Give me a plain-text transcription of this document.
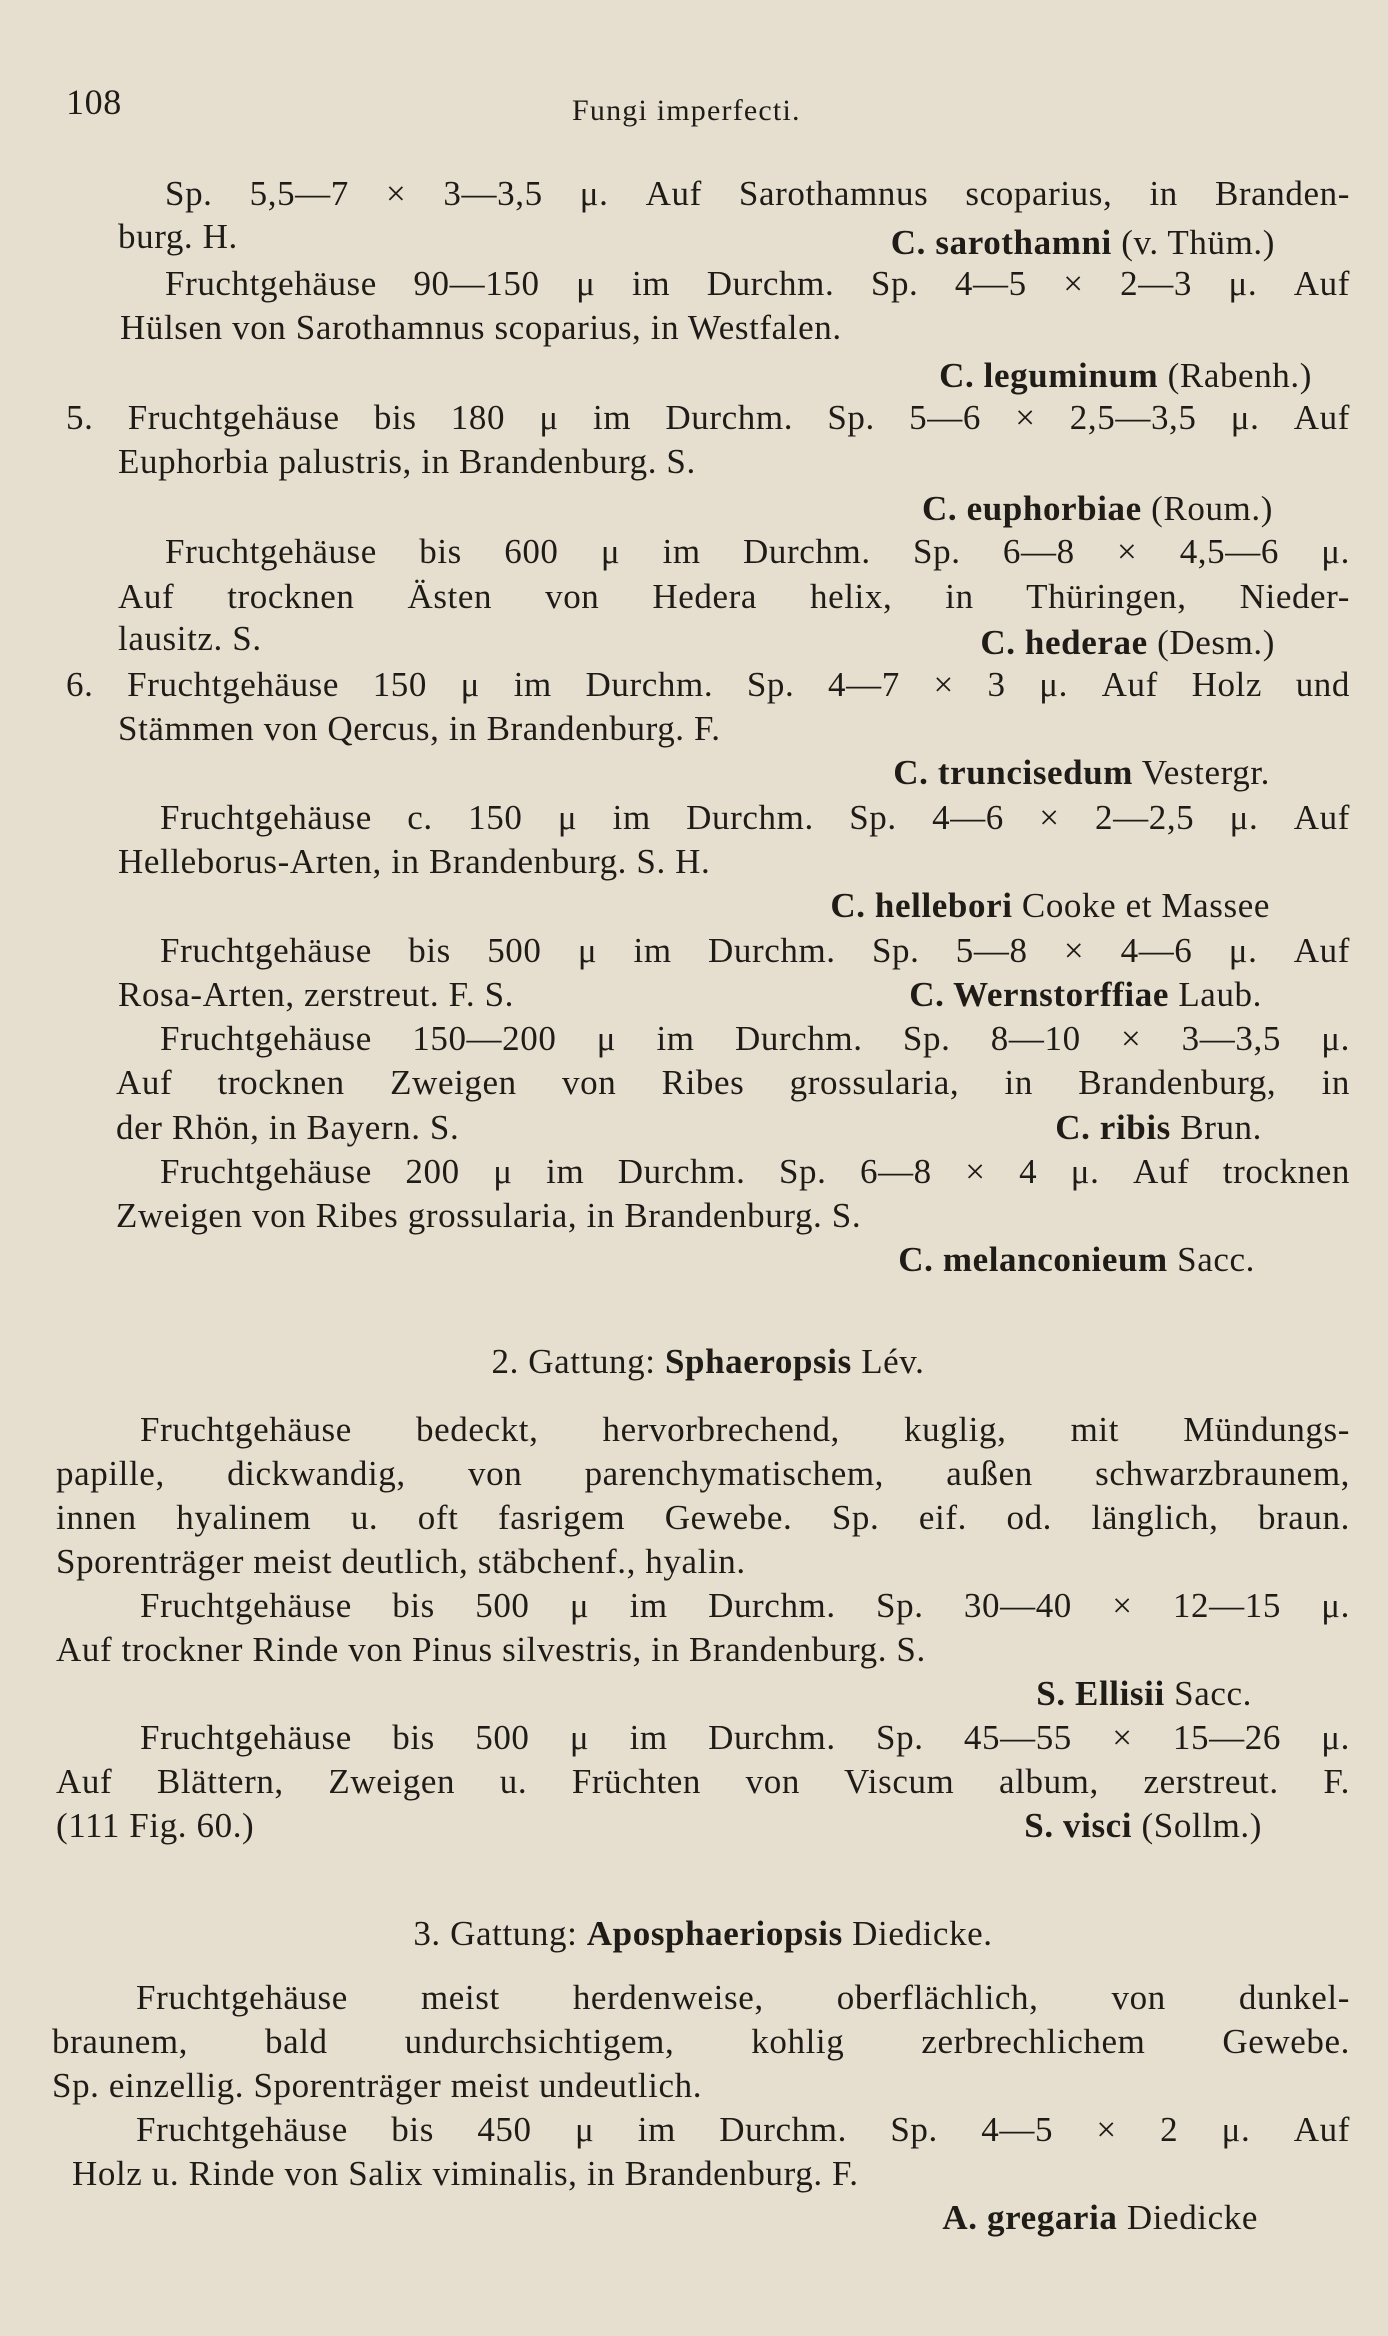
108	Fungi imperfecti.
Sp. 5,5—7 × 3—3,5 μ. Auf Sarothamnus scoparius, in Branden-
burg. H.	C. sarothamni (v. Thüm.)
Fruchtgehäuse 90—150 μ im Durchm. Sp. 4—5 × 2—3 μ. Auf
Hülsen von Sarothamnus scoparius, in Westfalen.
C. leguminum (Rabenh.)
5. Fruchtgehäuse bis 180 μ im Durchm. Sp. 5—6 × 2,5—3,5 μ. Auf
Euphorbia palustris, in Brandenburg. S.
C. euphorbiae (Roum.)
Fruchtgehäuse bis 600 μ im Durchm. Sp. 6—8 × 4,5—6 μ.
Auf trocknen Ästen von Hedera helix, in Thüringen, Nieder-
lausitz. S.	C. hederae (Desm.)
6. Fruchtgehäuse 150 μ im Durchm. Sp. 4—7 × 3 μ. Auf Holz und
Stämmen von Qercus, in Brandenburg. F.
C. truncisedum Vestergr.
Fruchtgehäuse c. 150 μ im Durchm. Sp. 4—6 × 2—2,5 μ. Auf
Helleborus-Arten, in Brandenburg. S. H.
C. hellebori Cooke et Massee
Fruchtgehäuse bis 500 μ im Durchm. Sp. 5—8 × 4—6 μ. Auf
Rosa-Arten, zerstreut. F. S.	C. Wernstorffiae Laub.
Fruchtgehäuse 150—200 μ im Durchm. Sp. 8—10 × 3—3,5 μ.
Auf trocknen Zweigen von Ribes grossularia, in Brandenburg, in
der Rhön, in Bayern. S.	C. ribis Brun.
Fruchtgehäuse 200 μ im Durchm. Sp. 6—8 × 4 μ. Auf trocknen
Zweigen von Ribes grossularia, in Brandenburg. S.
C. melanconieum Sacc.
2. Gattung: Sphaeropsis Lév.
Fruchtgehäuse bedeckt, hervorbrechend, kuglig, mit Mündungs-
papille, dickwandig, von parenchymatischem, außen schwarzbraunem,
innen hyalinem u. oft fasrigem Gewebe. Sp. eif. od. länglich, braun.
Sporenträger meist deutlich, stäbchenf., hyalin.
Fruchtgehäuse bis 500 μ im Durchm. Sp. 30—40 × 12—15 μ.
Auf trockner Rinde von Pinus silvestris, in Brandenburg. S.
S. Ellisii Sacc.
Fruchtgehäuse bis 500 μ im Durchm. Sp. 45—55 × 15—26 μ.
Auf Blättern, Zweigen u. Früchten von Viscum album, zerstreut. F.
(111 Fig. 60.)	S. visci (Sollm.)
3. Gattung: Aposphaeriopsis Diedicke.
Fruchtgehäuse meist herdenweise, oberflächlich, von dunkel-
braunem, bald undurchsichtigem, kohlig zerbrechlichem Gewebe.
Sp. einzellig. Sporenträger meist undeutlich.
Fruchtgehäuse bis 450 μ im Durchm. Sp. 4—5 × 2 μ. Auf
Holz u. Rinde von Salix viminalis, in Brandenburg. F.
A. gregaria Diedicke
